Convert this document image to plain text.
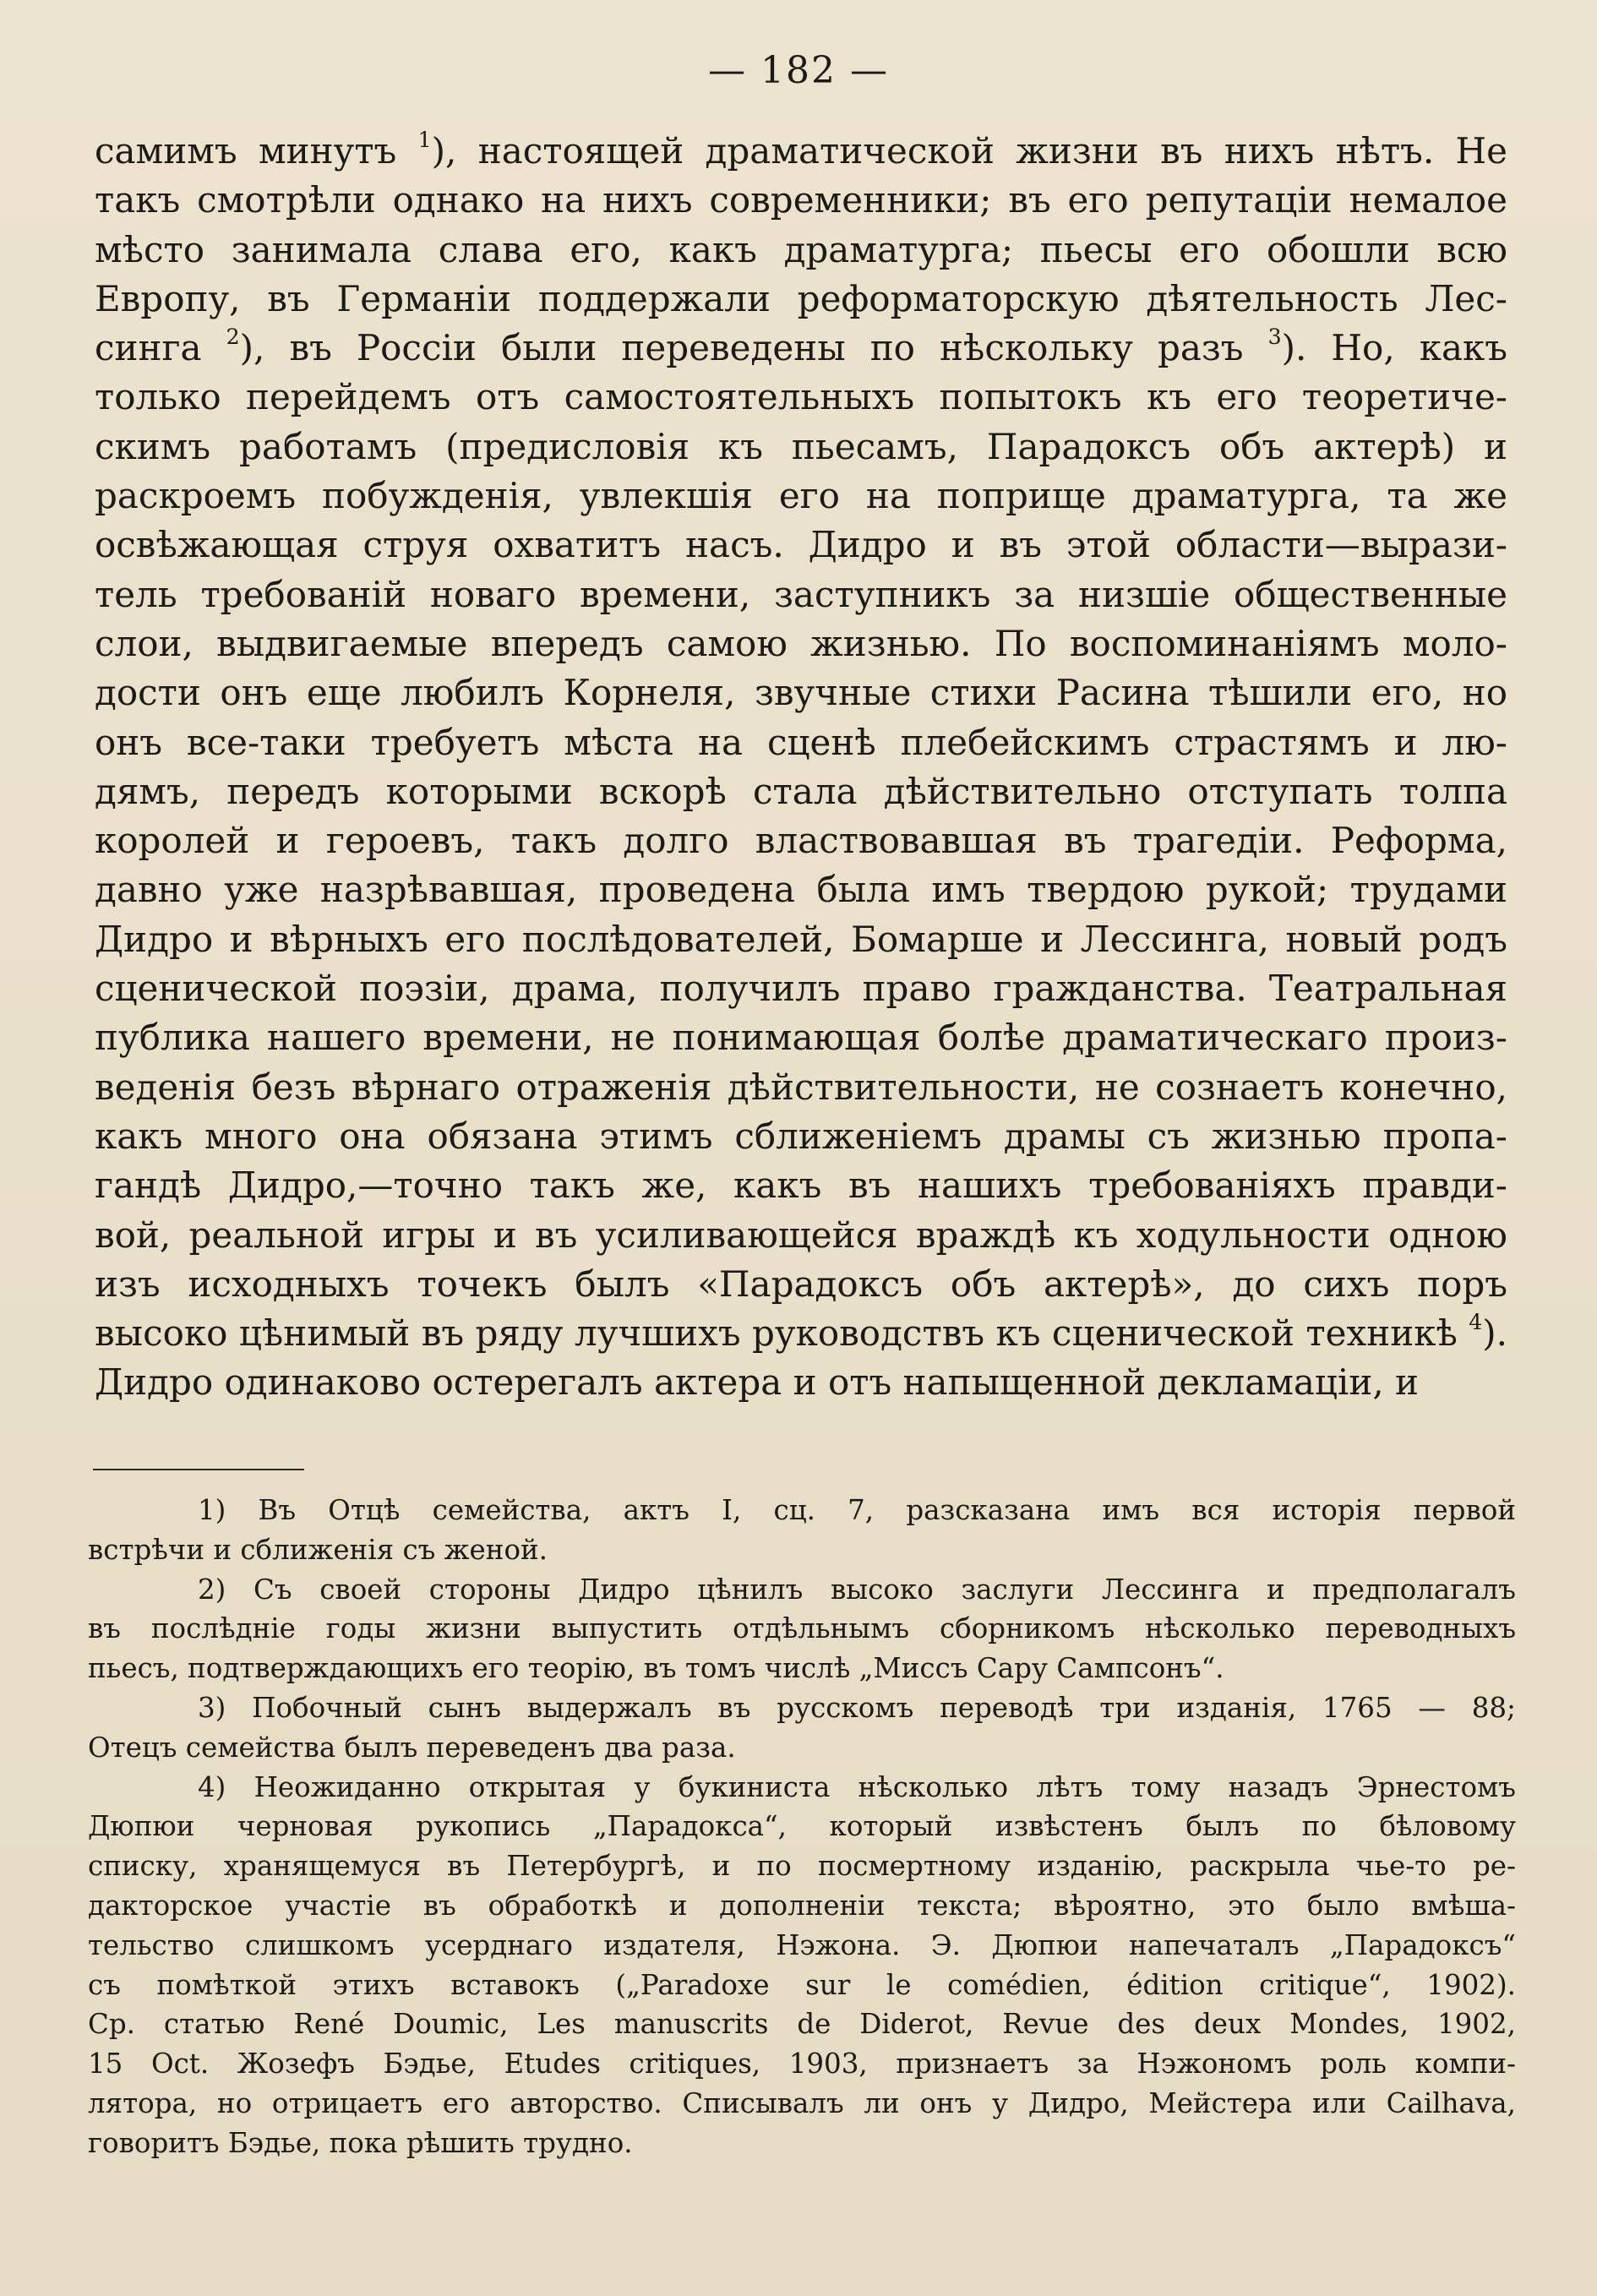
— 182 —
самимъ минутъ $^1$), настоящей драматической жизни въ нихъ нѣтъ. Не
такъ смотрѣли однако на нихъ современники; въ его репутаціи немалое
мѣсто занимала слава его, какъ драматурга; пьесы его обошли всю
Европу, въ Германіи поддержали реформаторскую дѣятельность Лес-
синга $^2$), въ Россіи были переведены по нѣскольку разъ $^3$). Но, какъ
только перейдемъ отъ самостоятельныхъ попытокъ къ его теоретиче-
скимъ работамъ (предисловія къ пьесамъ, Парадоксъ объ актерѣ) и
раскроемъ побужденія, увлекшія его на поприще драматурга, та же
освѣжающая струя охватитъ насъ. Дидро и въ этой области—вырази-
тель требованій новаго времени, заступникъ за низшіе общественные
слои, выдвигаемые впередъ самою жизнью. По воспоминаніямъ моло-
дости онъ еще любилъ Корнеля, звучные стихи Расина тѣшили его, но
онъ все-таки требуетъ мѣста на сценѣ плебейскимъ страстямъ и лю-
дямъ, передъ которыми вскорѣ стала дѣйствительно отступать толпа
королей и героевъ, такъ долго властвовавшая въ трагедіи. Реформа,
давно уже назрѣвавшая, проведена была имъ твердою рукой; трудами
Дидро и вѣрныхъ его послѣдователей, Бомарше и Лессинга, новый родъ
сценической поэзіи, драма, получилъ право гражданства. Театральная
публика нашего времени, не понимающая болѣе драматическаго произ-
веденія безъ вѣрнаго отраженія дѣйствительности, не сознаетъ конечно,
какъ много она обязана этимъ сближеніемъ драмы съ жизнью пропа-
гандѣ Дидро,—точно такъ же, какъ въ нашихъ требованіяхъ правди-
вой, реальной игры и въ усиливающейся враждѣ къ ходульности одною
изъ исходныхъ точекъ былъ «Парадоксъ объ актерѣ», до сихъ поръ
высоко цѣнимый въ ряду лучшихъ руководствъ къ сценической техникѣ $^4$).
Дидро одинаково остерегалъ актера и отъ напыщенной декламаціи, и
1) Въ Отцѣ семейства, актъ I, сц. 7, разсказана имъ вся исторія первой
встрѣчи и сближенія съ женой.
2) Съ своей стороны Дидро цѣнилъ высоко заслуги Лессинга и предполагалъ
въ послѣдніе годы жизни выпустить отдѣльнымъ сборникомъ нѣсколько переводныхъ
пьесъ, подтверждающихъ его теорію, въ томъ числѣ „Миссъ Сару Сампсонъ“.
3) Побочный сынъ выдержалъ въ русскомъ переводѣ три изданія, 1765 — 88;
Отецъ семейства былъ переведенъ два раза.
4) Неожиданно открытая у букиниста нѣсколько лѣтъ тому назадъ Эрнестомъ
Дюпюи черновая рукопись „Парадокса“, который извѣстенъ былъ по бѣловому
списку, хранящемуся въ Петербургѣ, и по посмертному изданію, раскрыла чье-то ре-
дакторское участіе въ обработкѣ и дополненіи текста; вѣроятно, это было вмѣша-
тельство слишкомъ усерднаго издателя, Нэжона. Э. Дюпюи напечаталъ „Парадоксъ“
съ помѣткой этихъ вставокъ („Paradoxe sur le comédien, édition critique“, 1902).
Ср. статью René Doumic, Les manuscrits de Diderot, Revue des deux Mondes, 1902,
15 Oct. Жозефъ Бэдье, Etudes critiques, 1903, признаетъ за Нэжономъ роль компи-
лятора, но отрицаетъ его авторство. Списывалъ ли онъ у Дидро, Мейстера или Cailhava,
говоритъ Бэдье, пока рѣшить трудно.
